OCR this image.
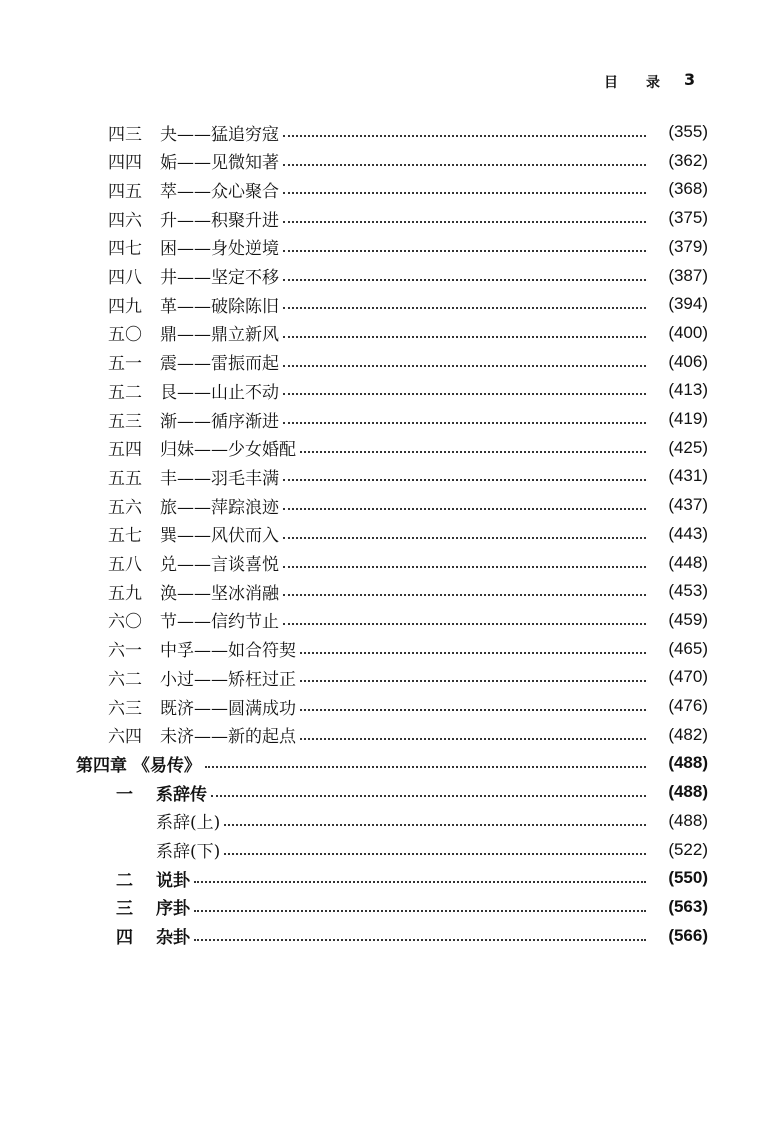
目录
3
四三	夬——猛追穷寇	(355)
四四	姤——见微知著	(362)
四五	萃——众心聚合	(368)
四六	升——积聚升进	(375)
四七	困——身处逆境	(379)
四八	井——坚定不移	(387)
四九	革——破除陈旧	(394)
五〇	鼎——鼎立新风	(400)
五一	震——雷振而起	(406)
五二	艮——山止不动	(413)
五三	渐——循序渐进	(419)
五四	归妹——少女婚配	(425)
五五	丰——羽毛丰满	(431)
五六	旅——萍踪浪迹	(437)
五七	巽——风伏而入	(443)
五八	兑——言谈喜悦	(448)
五九	涣——坚冰消融	(453)
六〇	节——信约节止	(459)
六一	中孚——如合符契	(465)
六二	小过——矫枉过正	(470)
六三	既济——圆满成功	(476)
六四	未济——新的起点	(482)
第四章 《易传》	(488)
一	系辞传	(488)
系辞(上)	(488)
系辞(下)	(522)
二	说卦	(550)
三	序卦	(563)
四	杂卦	(566)
